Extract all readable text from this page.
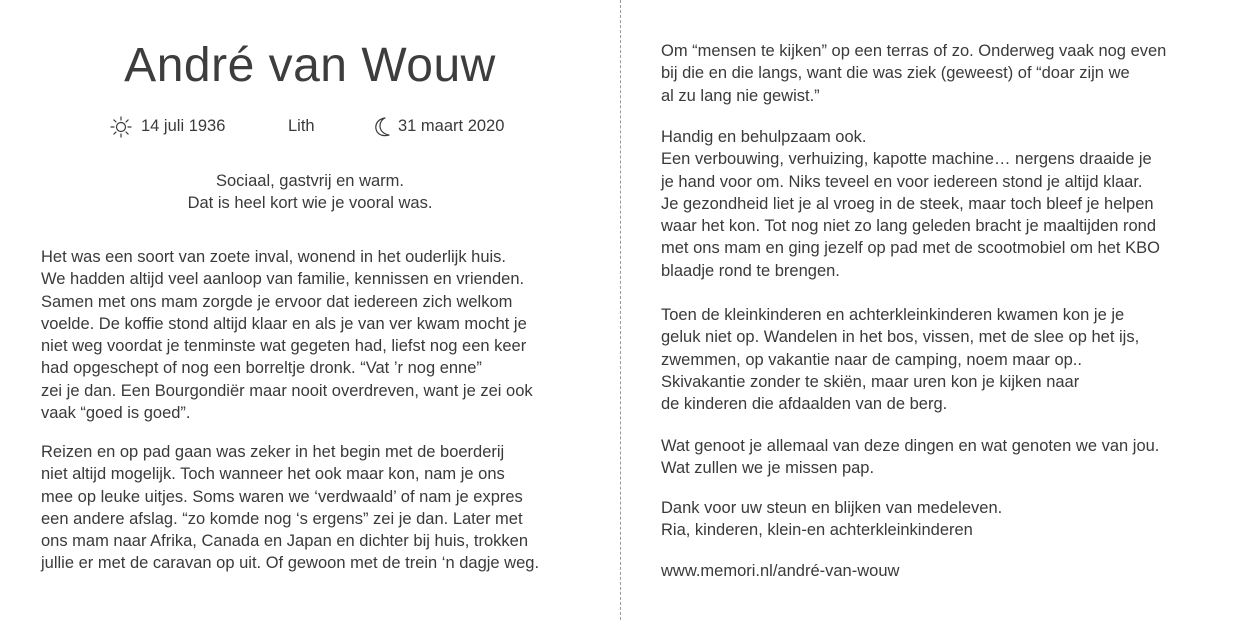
André van Wouw
14 juli 1936	Lith	31 maart 2020
Sociaal, gastvrij en warm.
Dat is heel kort wie je vooral was.
Het was een soort van zoete inval, wonend in het ouderlijk huis.
We hadden altijd veel aanloop van familie, kennissen en vrienden.
Samen met ons mam zorgde je ervoor dat iedereen zich welkom
voelde. De koffie stond altijd klaar en als je van ver kwam mocht je
niet weg voordat je tenminste wat gegeten had, liefst nog een keer
had opgeschept of nog een borreltje dronk. “Vat ’r nog enne”
zei je dan. Een Bourgondiër maar nooit overdreven, want je zei ook
vaak “goed is goed”.
Reizen en op pad gaan was zeker in het begin met de boerderij
niet altijd mogelijk. Toch wanneer het ook maar kon, nam je ons
mee op leuke uitjes. Soms waren we ‘verdwaald’ of nam je expres
een andere afslag. “zo komde nog ‘s ergens” zei je dan. Later met
ons mam naar Afrika, Canada en Japan en dichter bij huis, trokken
jullie er met de caravan op uit. Of gewoon met de trein ‘n dagje weg.
Om “mensen te kijken” op een terras of zo. Onderweg vaak nog even
bij die en die langs, want die was ziek (geweest) of “doar zijn we
al zu lang nie gewist.”
Handig en behulpzaam ook.
Een verbouwing, verhuizing, kapotte machine… nergens draaide je
je hand voor om. Niks teveel en voor iedereen stond je altijd klaar.
Je gezondheid liet je al vroeg in de steek, maar toch bleef je helpen
waar het kon. Tot nog niet zo lang geleden bracht je maaltijden rond
met ons mam en ging jezelf op pad met de scootmobiel om het KBO
blaadje rond te brengen.
Toen de kleinkinderen en achterkleinkinderen kwamen kon je je
geluk niet op. Wandelen in het bos, vissen, met de slee op het ijs,
zwemmen, op vakantie naar de camping, noem maar op..
Skivakantie zonder te skiën, maar uren kon je kijken naar
de kinderen die afdaalden van de berg.
Wat genoot je allemaal van deze dingen en wat genoten we van jou.
Wat zullen we je missen pap.
Dank voor uw steun en blijken van medeleven.
Ria, kinderen, klein-en achterkleinkinderen
www.memori.nl/andré-van-wouw
